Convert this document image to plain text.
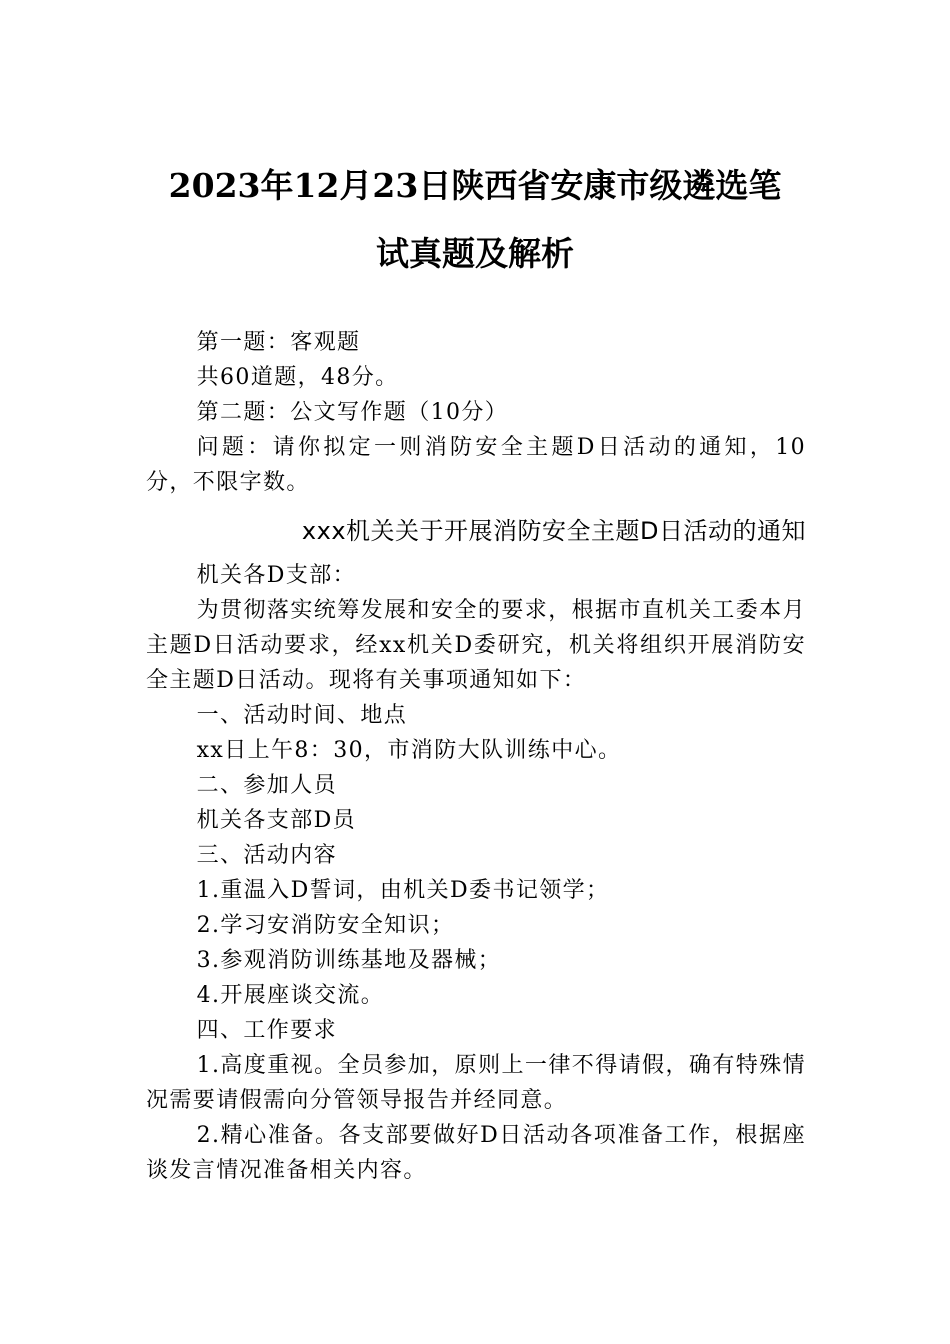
2023年12月23日陕西省安康市级遴选笔
试真题及解析

第一题：客观题

共60道题，48分。

第二题：公文写作题（10分）

问题：请你拟定一则消防安全主题D日活动的通知，10分，不限字数。

xxx机关关于开展消防安全主题D日活动的通知

机关各D支部：

为贯彻落实统筹发展和安全的要求，根据市直机关工委本月主题D日活动要求，经xx机关D委研究，机关将组织开展消防安全主题D日活动。现将有关事项通知如下：

一、活动时间、地点

xx日上午8：30，市消防大队训练中心。

二、参加人员

机关各支部D员

三、活动内容

1.重温入D誓词，由机关D委书记领学；

2.学习安消防安全知识；

3.参观消防训练基地及器械；

4.开展座谈交流。

四、工作要求

1.高度重视。全员参加，原则上一律不得请假，确有特殊情况需要请假需向分管领导报告并经同意。

2.精心准备。各支部要做好D日活动各项准备工作，根据座谈发言情况准备相关内容。
